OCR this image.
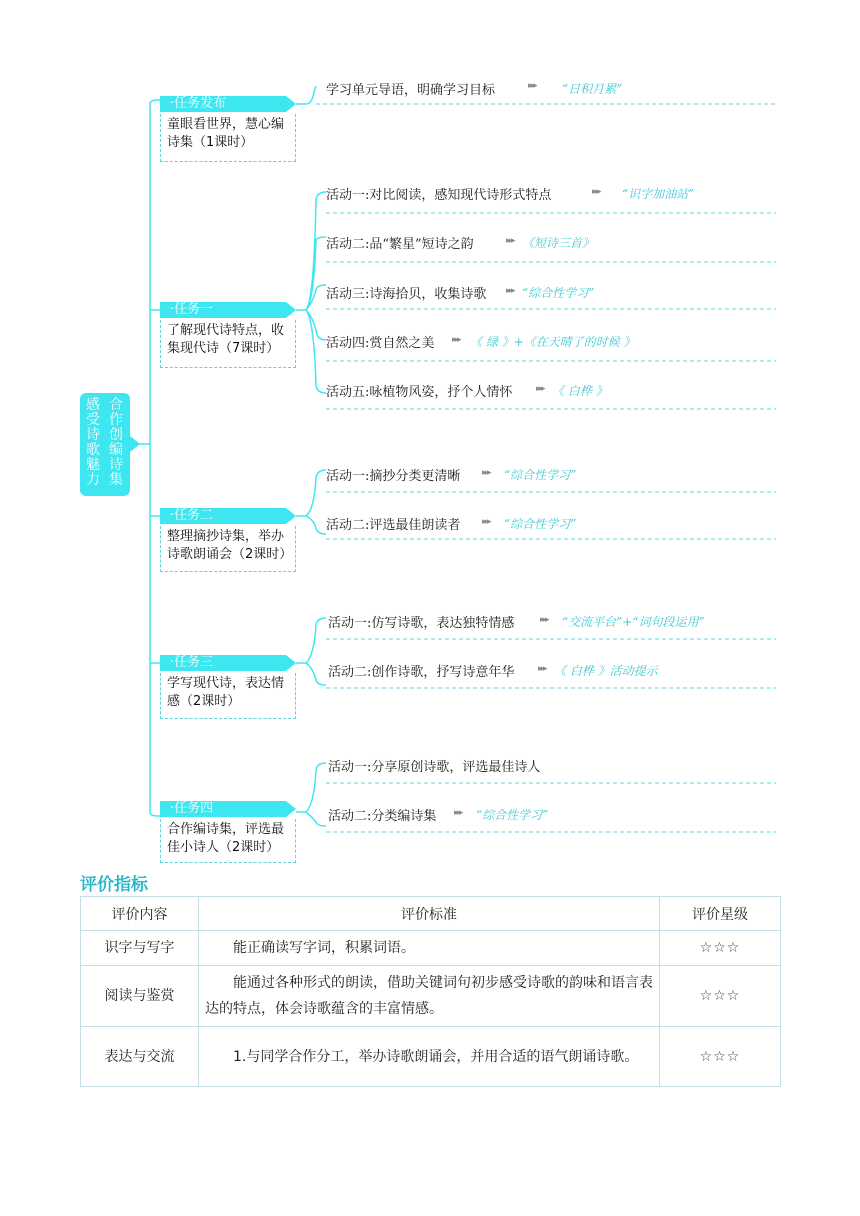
感受诗歌魅力
合作创编诗集
·任务发布
童眼看世界，慧心编诗集（1课时）
学习单元导语，明确学习目标	▸▸▸ “日积月累”
·任务一
了解现代诗特点，收集现代诗（7课时）
活动一:对比阅读，感知现代诗形式特点	▸▸▸ “识字加油站”
活动二:品“繁星”短诗之韵	▸▸▸ 《短诗三首》
活动三:诗海拾贝，收集诗歌 ▸▸▸ “综合性学习”
活动四:赏自然之美 ▸▸▸ 《 绿 》+《在天晴了的时候 》
活动五:咏植物风姿，抒个人情怀	▸▸▸ 《 白桦 》
·任务二
整理摘抄诗集，举办诗歌朗诵会（2课时）
活动一:摘抄分类更清晰 ▸▸▸ “综合性学习”
活动二:评选最佳朗读者 ▸▸▸ “综合性学习”
·任务三
学写现代诗，表达情感（2课时）
活动一:仿写诗歌，表达独特情感	▸▸▸ “交流平台”+“词句段运用”
活动二:创作诗歌，抒写诗意年华	▸▸▸ 《 白桦 》活动提示
·任务四
合作编诗集，评选最佳小诗人（2课时）
活动一:分享原创诗歌，评选最佳诗人
活动二:分类编诗集 ▸▸▸ “综合性学习”
评价指标
评价内容	评价标准	评价星级
识字与写字	能正确读写字词，积累词语。	☆☆☆
阅读与鉴赏	能通过各种形式的朗读，借助关键词句初步感受诗歌的韵味和语言表达的特点，体会诗歌蕴含的丰富情感。	☆☆☆
表达与交流	1.与同学合作分工，举办诗歌朗诵会，并用合适的语气朗诵诗歌。	☆☆☆
